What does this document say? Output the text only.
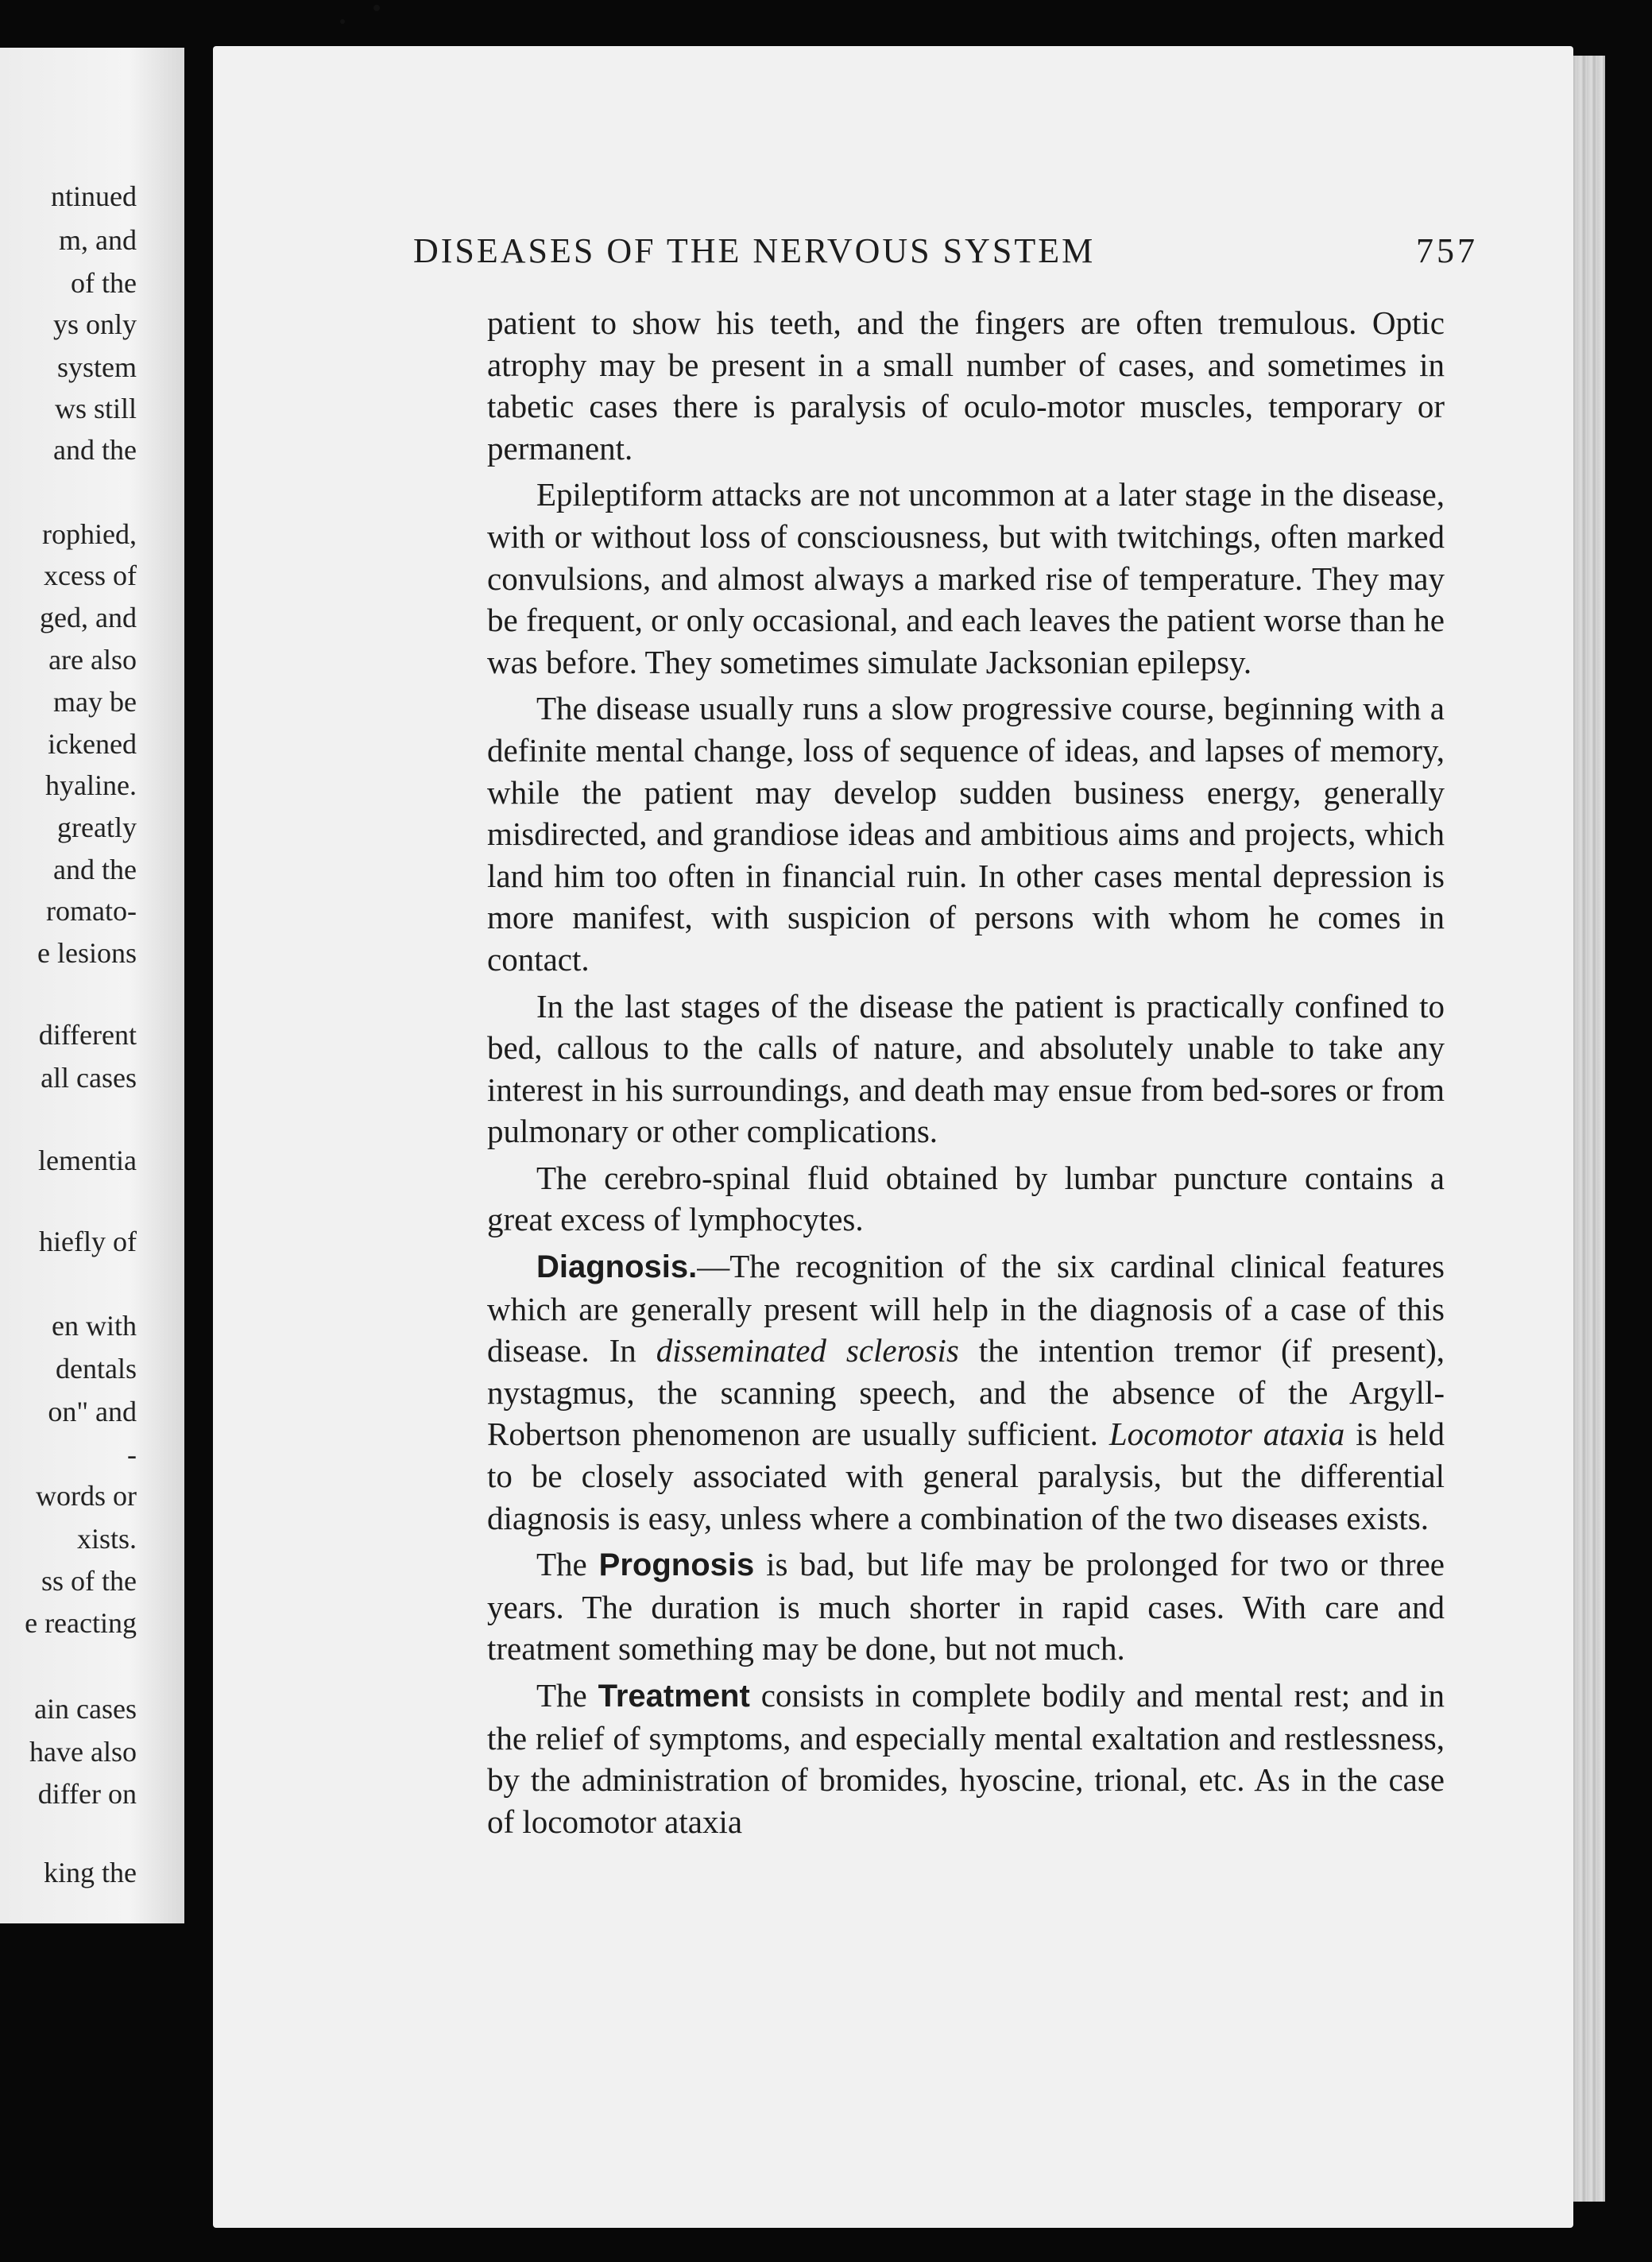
ntinued
m, and
of the
ys only
system
ws still
and the
rophied,
xcess of
ged, and
are also
may be
ickened
hyaline.
greatly
and the
romato-
e lesions
different
all cases
lementia
hiefly of
en with
dentals
on" and
-
words or
xists.
ss of the
e reacting
ain cases
have also
differ on
king the
DISEASES OF THE NERVOUS SYSTEM	757

patient to show his teeth, and the fingers are often tremulous. Optic atrophy may be present in a small number of cases, and sometimes in tabetic cases there is paralysis of oculo-motor muscles, temporary or permanent.

Epileptiform attacks are not uncommon at a later stage in the disease, with or without loss of consciousness, but with twitchings, often marked convulsions, and almost always a marked rise of temperature. They may be frequent, or only occasional, and each leaves the patient worse than he was before. They sometimes simulate Jacksonian epilepsy.

The disease usually runs a slow progressive course, beginning with a definite mental change, loss of sequence of ideas, and lapses of memory, while the patient may develop sudden business energy, generally misdirected, and grandiose ideas and ambitious aims and projects, which land him too often in financial ruin. In other cases mental depression is more manifest, with suspicion of persons with whom he comes in contact.

In the last stages of the disease the patient is practically confined to bed, callous to the calls of nature, and absolutely unable to take any interest in his surroundings, and death may ensue from bed-sores or from pulmonary or other complications.

The cerebro-spinal fluid obtained by lumbar puncture contains a great excess of lymphocytes.

Diagnosis.—The recognition of the six cardinal clinical features which are generally present will help in the diagnosis of a case of this disease. In disseminated sclerosis the intention tremor (if present), nystagmus, the scanning speech, and the absence of the Argyll-Robertson phenomenon are usually sufficient. Locomotor ataxia is held to be closely associated with general paralysis, but the differential diagnosis is easy, unless where a combination of the two diseases exists.

The Prognosis is bad, but life may be prolonged for two or three years. The duration is much shorter in rapid cases. With care and treatment something may be done, but not much.

The Treatment consists in complete bodily and mental rest; and in the relief of symptoms, and especially mental exaltation and restlessness, by the administration of bromides, hyoscine, trional, etc. As in the case of locomotor ataxia
